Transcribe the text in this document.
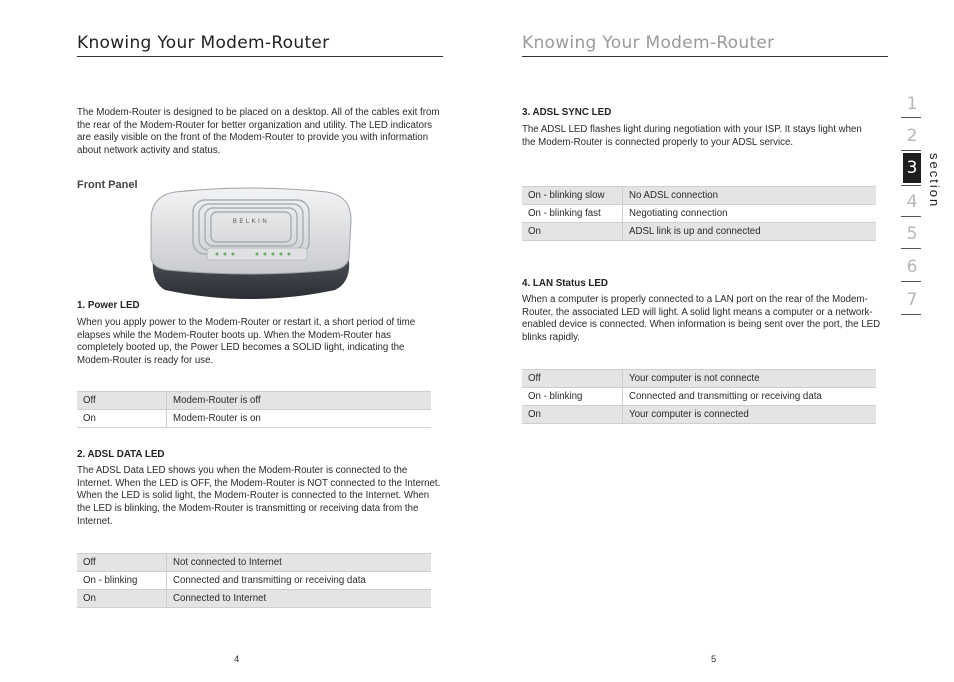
Knowing Your Modem-Router
The Modem-Router is designed to be placed on a desktop. All of the cables exit from the rear of the Modem-Router for better organization and utility. The LED indicators are easily visible on the front of the Modem-Router to provide you with information about network activity and status.
Front Panel
BELKIN
1. Power LED
When you apply power to the Modem-Router or restart it, a short period of time elapses while the Modem-Router boots up. When the Modem-Router has completely booted up, the Power LED becomes a SOLID light, indicating the Modem-Router is ready for use.
Off	Modem-Router is off
On	Modem-Router is on
2. ADSL DATA LED
The ADSL Data LED shows you when the Modem-Router is connected to the Internet. When the LED is OFF, the Modem-Router is NOT connected to the Internet. When the LED is solid light, the Modem-Router is connected to the Internet. When the LED is blinking, the Modem-Router is transmitting or receiving data from the Internet.
Off	Not connected to Internet
On - blinking	Connected and transmitting or receiving data
On	Connected to Internet
4
Knowing Your Modem-Router
3. ADSL SYNC LED
The ADSL LED flashes light during negotiation with your ISP. It stays light when the Modem-Router is connected properly to your ADSL service.
On - blinking slow	No ADSL connection
On - blinking fast	Negotiating connection
On	ADSL link is up and connected
4. LAN Status LED
When a computer is properly connected to a LAN port on the rear of the Modem-Router, the associated LED will light. A solid light means a computer or a network-enabled device is connected. When information is being sent over the port, the LED blinks rapidly.
Off	Your computer is not connecte
On - blinking	Connected and transmitting or receiving data
On	Your computer is connected
5
1
2
3
4
5
6
7
section
